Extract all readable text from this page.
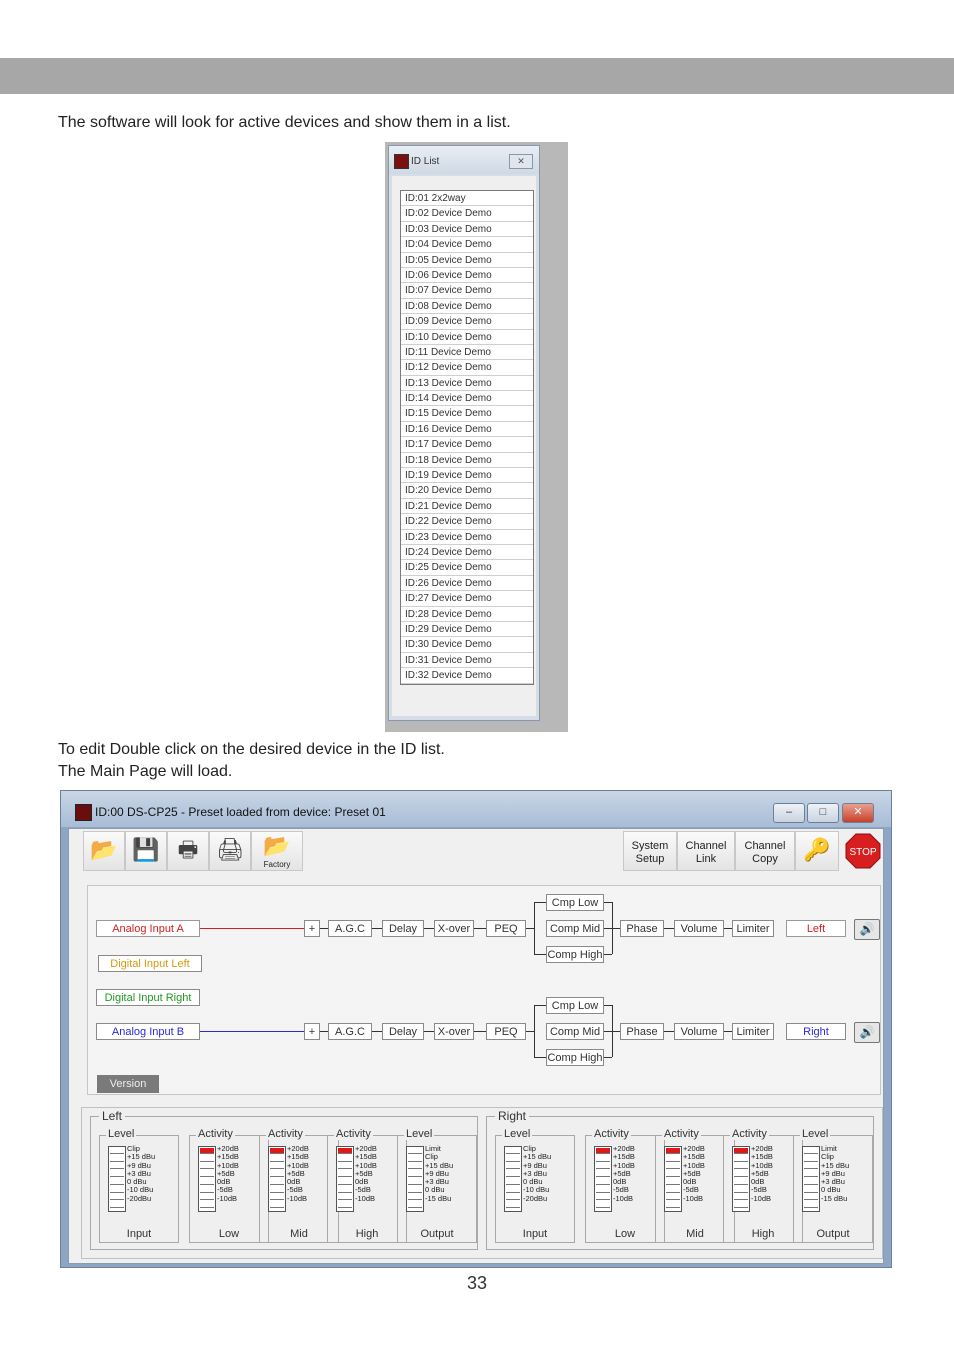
The software will look for active devices and show them in a list.
ID List	✕
ID:01 2x2way
ID:02 Device Demo
ID:03 Device Demo
ID:04 Device Demo
ID:05 Device Demo
ID:06 Device Demo
ID:07 Device Demo
ID:08 Device Demo
ID:09 Device Demo
ID:10 Device Demo
ID:11 Device Demo
ID:12 Device Demo
ID:13 Device Demo
ID:14 Device Demo
ID:15 Device Demo
ID:16 Device Demo
ID:17 Device Demo
ID:18 Device Demo
ID:19 Device Demo
ID:20 Device Demo
ID:21 Device Demo
ID:22 Device Demo
ID:23 Device Demo
ID:24 Device Demo
ID:25 Device Demo
ID:26 Device Demo
ID:27 Device Demo
ID:28 Device Demo
ID:29 Device Demo
ID:30 Device Demo
ID:31 Device Demo
ID:32 Device Demo
To edit Double click on the desired device in the ID list.
The Main Page will load.
ID:00 DS-CP25 - Preset loaded from device: Preset 01	–	□	✕
📂 💾 🖶 🖨 📂
Factory
System
Setup
Channel
Link
Channel
Copy	🔑	STOP
Analog Input A
Digital Input Left
+	A.G.C	Delay	X-over	PEQ
Cmp Low
Comp Mid
Comp High
Phase	Volume	Limiter	Left	🔊
Digital Input Right
Analog Input B	+	A.G.C	Delay	X-over	PEQ
Cmp Low
Comp Mid
Comp High
Phase	Volume	Limiter	Right	🔊
Version
Left
Level
Clip
+15 dBu
+9 dBu
+3 dBu
0 dBu
-10 dBu
-20dBu
Input
Activity
+20dB
+15dB
+10dB
+5dB
0dB
-5dB
-10dB
Low
Activity
+20dB
+15dB
+10dB
+5dB
0dB
-5dB
-10dB
Mid
Activity
+20dB
+15dB
+10dB
+5dB
0dB
-5dB
-10dB
High
Level
Limit
Clip
+15 dBu
+9 dBu
+3 dBu
0 dBu
-15 dBu
Output
Right
Level
Clip
+15 dBu
+9 dBu
+3 dBu
0 dBu
-10 dBu
-20dBu
Input
Activity
+20dB
+15dB
+10dB
+5dB
0dB
-5dB
-10dB
Low
Activity
+20dB
+15dB
+10dB
+5dB
0dB
-5dB
-10dB
Mid
Activity
+20dB
+15dB
+10dB
+5dB
0dB
-5dB
-10dB
High
Level
Limit
Clip
+15 dBu
+9 dBu
+3 dBu
0 dBu
-15 dBu
Output
33
